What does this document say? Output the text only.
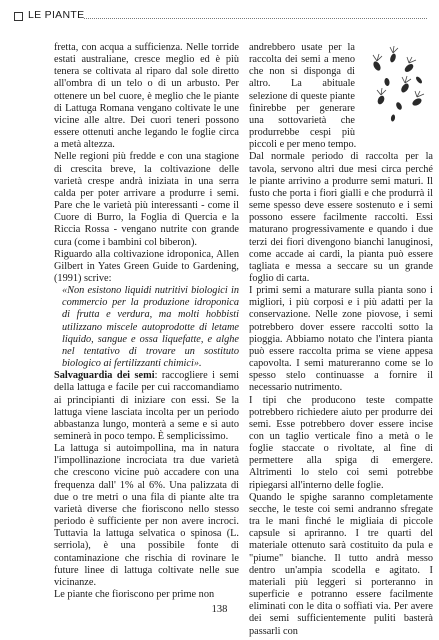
LE PIANTE

fretta, con acqua a sufficienza. Nelle torride estati australiane, cresce meglio ed è più tenera se coltivata al riparo dal sole diretto all'ombra di un telo o di un arbusto. Per ottenere un bel cuore, è meglio che le piante di Lattuga Romana vengano coltivate le une vicine alle altre. Dei cuori teneri possono essere ottenuti anche legando le foglie circa a metà altezza.

Nelle regioni più fredde e con una stagione di crescita breve, la coltivazione delle varietà crespe andrà iniziata in una serra calda per poter arrivare a produrre i semi. Pare che le varietà più interessanti - come il Cuore di Burro, la Foglia di Quercia e la Riccia Rossa - vengano nutrite con grande cura (come i bambini col biberon).

Riguardo alla coltivazione idroponica, Allen Gilbert in Yates Green Guide to Gardening, (1991) scrive:

«Non esistono liquidi nutritivi biologici in commercio per la produzione idroponica di frutta e verdura, ma molti hobbisti utilizzano miscele autoprodotte di letame liquido, sangue e ossa liquefatte, e alghe nel tentativo di trovare un sostituto biologico ai fertilizzanti chimici».

Salvaguardia dei semi: raccogliere i semi della lattuga e facile per cui raccomandiamo ai principianti di iniziare con essi. Se la lattuga viene lasciata incolta per un periodo abbastanza lungo, monterà a seme e si auto seminerà in poco tempo. È semplicissimo.

La lattuga si autoimpollina, ma in natura l'impollinazione incrociata tra due varietà che crescono vicine può accadere con una frequenza dall' 1% al 6%. Una palizzata di due o tre metri o una fila di piante alte tra varietà diverse che fioriscono nello stesso periodo è sufficiente per non avere incroci. Tuttavia la lattuga selvatica o spinosa (L. serriola), è una possibile fonte di contaminazione che rischia di rovinare le future linee di lattuga coltivate nelle sue vicinanze.

Le piante che fioriscono per prime non

andrebbero usate per la raccolta dei semi a meno che non si disponga di altro. La abituale selezione di queste piante finirebbe per generare una sottovarietà che produrrebbe cespi più piccoli e per meno tempo.

Dal normale periodo di raccolta per la tavola, servono altri due mesi circa perché le piante arrivino a produrre semi maturi. Il fusto che porta i fiori gialli e che produrrà il seme spesso deve essere sostenuto e i semi possono essere facilmente raccolti. Essi maturano progressivamente e quando i due terzi dei fiori divengono bianchi lanuginosi, come accade ai cardi, la pianta può essere tagliata e messa a seccare su un grande foglio di carta.

I primi semi a maturare sulla pianta sono i migliori, i più corposi e i più adatti per la conservazione. Nelle zone piovose, i semi potrebbero dover essere raccolti sotto la pioggia. Abbiamo notato che l'intera pianta può essere raccolta prima se viene appesa capovolta. I semi matureranno come se lo spesso stelo continuasse a fornire il necessario nutrimento.

I tipi che producono teste compatte potrebbero richiedere aiuto per produrre dei semi. Esse potrebbero dover essere incise con un taglio verticale fino a metà o le foglie staccate o rivoltate, al fine di permettere alla spiga di emergere. Altrimenti lo stelo coi semi potrebbe ripiegarsi all'interno delle foglie.

Quando le spighe saranno completamente secche, le teste coi semi andranno sfregate tra le mani finché le migliaia di piccole capsule si apriranno. I tre quarti del materiale ottenuto sarà costituito da pula e "piume" bianche. Il tutto andrà messo dentro un'ampia scodella e agitato. I materiali più leggeri si porteranno in superficie e potranno essere facilmente eliminati con le dita o soffiati via. Per avere dei semi sufficientemente puliti basterà passarli con

138
